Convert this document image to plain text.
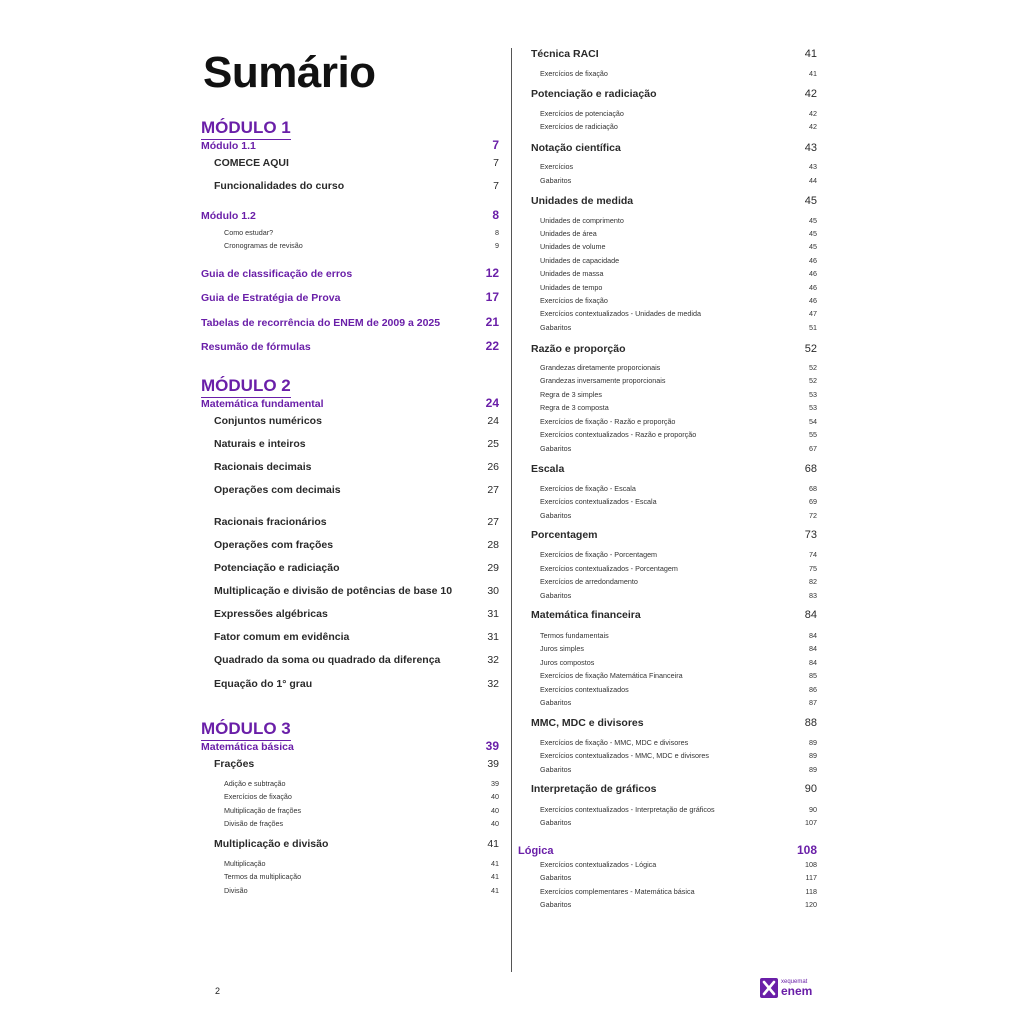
Sumário
MÓDULO 1
MÓDULO 2
MÓDULO 3
Módulo 1.1	7
COMECE AQUI	7
Funcionalidades do curso	7
Módulo 1.2	8
Como estudar?	8
Cronogramas de revisão	9
Guia de classificação de erros	12
Guia de Estratégia de Prova	17
Tabelas de recorrência do ENEM de 2009 a 2025	21
Resumão de fórmulas	22
Matemática fundamental	24
Conjuntos numéricos	24
Naturais e inteiros	25
Racionais decimais	26
Operações com decimais	27
Racionais fracionários	27
Operações com frações	28
Potenciação e radiciação	29
Multiplicação e divisão de potências de base 10	30
Expressões algébricas	31
Fator comum em evidência	31
Quadrado da soma ou quadrado da diferença	32
Equação do 1° grau	32
Matemática básica	39
Frações	39
Adição e subtração	39
Exercícios de fixação	40
Multiplicação de frações	40
Divisão de frações	40
Multiplicação e divisão	41
Multiplicação	41
Termos da multiplicação	41
Divisão	41
Técnica RACI	41
Exercícios de fixação	41
Potenciação e radiciação	42
Exercícios de potenciação	42
Exercícios de radiciação	42
Notação científica	43
Exercícios	43
Gabaritos	44
Unidades de medida	45
Unidades de comprimento	45
Unidades de área	45
Unidades de volume	45
Unidades de capacidade	46
Unidades de massa	46
Unidades de tempo	46
Exercícios de fixação	46
Exercícios contextualizados - Unidades de medida	47
Gabaritos	51
Razão e proporção	52
Grandezas diretamente proporcionais	52
Grandezas inversamente proporcionais	52
Regra de 3 simples	53
Regra de 3 composta	53
Exercícios de fixação - Razão e proporção	54
Exercícios contextualizados - Razão e proporção	55
Gabaritos	67
Escala	68
Exercícios de fixação - Escala	68
Exercícios contextualizados - Escala	69
Gabaritos	72
Porcentagem	73
Exercícios de fixação - Porcentagem	74
Exercícios contextualizados - Porcentagem	75
Exercícios de arredondamento	82
Gabaritos	83
Matemática financeira	84
Termos fundamentais	84
Juros simples	84
Juros compostos	84
Exercícios de fixação Matemática Financeira	85
Exercícios contextualizados	86
Gabaritos	87
MMC, MDC e divisores	88
Exercícios de fixação - MMC, MDC e divisores	89
Exercícios contextualizados - MMC, MDC e divisores	89
Gabaritos	89
Interpretação de gráficos	90
Exercícios contextualizados - Interpretação de gráficos	90
Gabaritos	107
Lógica	108
Exercícios contextualizados - Lógica	108
Gabaritos	117
Exercícios complementares - Matemática básica	118
Gabaritos	120
2
xequemat
enem
